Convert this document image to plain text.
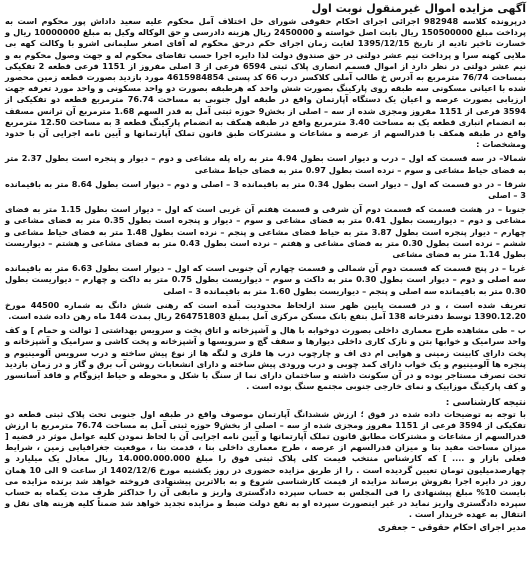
آگهی مزایده اموال غیرمنقول نوبت اول

درپرونده کلاسه 982948 اجرائی اجرای احکام حقوقی شورای حل اختلاف آمل محکوم علیه سعید داداش پور محکوم است به پرداخت مبلغ 150500000 ریال بابت اصل خواسته و 2450000 ریال هزینه دادرسی و حق الوکاله وکیل به مبلغ 10000000 ریال و خسارت تاخیر تادیه از تاریخ 1395/12/15 لغایت زمان اجرای حکم درحق محکوم له آقای اصغر سلیمانی اشرو با وکالت کهه بی ملایی کهنه سرا و پرداخت نیم عشر دولتی در حق صندوق دولت لذا دایره اجرا حسب تقاضای محکوم له و جهت وصول محکوم به و نیم عشر دولتی در نظر دارد از اموال قسمم انصاری پلاک ثبتی 6594 فرعی از 3 اصلی مفروز از 1151 فرعی قطعه 2 تفکیکی بمساحت 76/74 مترمربع به آدرس خ طالب آملی کلاکسر درب 66 کد پستی 4615984854 مورد بازدید بصورت قطعه زمین محصور شده با اعیانی مسکونی سه طبقه روی پارکینگ بصورت شش واحد که هرطبقه بصورت دو واحد مسکونی و واحد مورد تعرفه جهت ارزیابی بصورت عرصه و اعیان یک دستگاه آپارتمان واقع در طبقه اول جنوبی به مساحت 76.74 مترمربع قطعه دو تفکیکی از 3594 فرعی از 1151 مفروز ومجزی شده از سه – اصلی از بخش9 حوزه ثبتی آمل به قدر السهم 1.68 مترمربع آن ترانس مسقف به انضمام انباری قطعه یک به مساحت 3.40 مترمربع واقع در طبقه همکف به انضمام پارکینگ قطعه 3 به مساحت 12.50 مترمربع واقع در طبقه همکف با قدرالسهم از عرصه و مشاعات و مشترکات طبق قانون تملک آپارتمانها و آیین نامه اجرایی آن با حدود ومشخصات :

شمالا– در سه قسمت که اول – درب و دیوار است بطول 4.94 متر به راه پله مشاعی و دوم – دیوار و پنجره است بطول 2.37 متر به فضای حیاط مشاعی و سوم – نرده است بطول 0.97 متر به فضای حیاط مشاعی

شرقا – در دو قسمت که اول – دیوار است بطول 0.34 متر به باقیمانده 3 – اصلی و دوم – دیوار است بطول 8.64 متر به باقیمانده 3 – اصلی

جنوبا – در هشت قسمت که قسمت دوم آن شرقی و قسمت هفتم آن غربی است که اول – دیوار است بطول 1.15 متر به فضای مشاعی و دوم – دیواریست بطول 0.41 متر به فضای مشاعی و سوم – دیوار و پنجره است بطول 0.35 متر به فضای مشاعی و چهارم – دیوار پنجره است بطول 3.87 متر به حیاط فضای مشاعی و پنجم – نرده است بطول 1.48 متر به فضای حیاط مشاعی و ششم – نرده است بطول 0.30 متر به فضای مشاعی و هفتم – نرده است بطول 0.43 متر به فضای مشاعی و هشتم – دیواریست بطول 1.14 متر به فضای مشاعی

غربا – در پنج قسمت که قسمت دوم آن شمالی و قسمت چهارم آن جنوبی است که اول – دیوار است بطول 6.63 متر به باقیمانده سه اصلی و دوم – دیوار است بطول 0.30 متر به داکت و سوم – دیواریست بطول 0.75 متر به داکت و چهارم – دیواریست بطول 0.30 متر به باقیمانده سه اصلی و پنجم – دیواریست بطول 1.60 متر به باقیمانده 3 – اصلی

تعریف شده است ، و در قسمت پایین ظهر سند ازلحاظ محدودیت آمده است که رهنی شش دانگ به شماره 44500 مورخ 1390.12.20 توسط دفترخانه 138 آمل بنفع بانک مسکن مرکزی آمل بمبلغ 264751803 ریال بمدت 144 ماه رهن داده شده است.

ب – طی مشاهده طرح معماری داخلی بصورت دوخوابه با هال و آشپزخانه و اتاق پخت و سرویس بهداشتی [ توالت و حمام ] و کف واحد سرامیک و خوابها بتن و نازک کاری داخلی دیوارها و سقف گچ و سرویسها و آشپزخانه و پخت کاشی و سرامیک و آشپزخانه و پخت دارای کابینت زمینی و هوایی ام دی اف و چارچوب درب ها فلزی و لنگه ها از نوع پیش ساخته و درب سرویس آلومینیوم و پنجره ها آلومینیوم و یک خواب دارای کمد چوبی و درب ورودی پیش ساخته و دارای انشعابات روشن آب برق و گاز و در زمان بازدید تحت تصرف مستاجر بوده و در آن سکونت داشته و ساختمان دارای نما از سنگ با شکل و محوطه و حیاط ایزوگام و فاقد آسانسور و کف پارکینگ موزاییک و نمای خارجی جنوبی مجتمع سنگ بوده است .

نتیجه کارشناسی :

با توجه به توضیحات داده شده در فوق ؛ ارزش ششدانگ آپارتمان موصوف واقع در طبقه اول جنوبی تحت پلاک ثبتی قطعه دو تفکیکی از 3594 فرعی از 1151 مفروز ومجزی شده از سه – اصلی از بخش9 حوزه ثبتی آمل به مساحت 76.74 مترمربع با ارزش قدرالسهم از مشاعات و مشترکات مطابق قانون تملک آپارتمانها و آیین نامه اجرایی آن با لحاظ نمودن کلیه عوامل موثر در قضیه [ میزان مساحت مفید بنا و میزان قدرالسهم از عرصه ، طرح معماری داخلی بنا ، قدمت بنا ، موقعیت جغرافیایی زمین ، شرایط فعلی بازار و .... ] که کارشناس منتخب قیمت کلی پلاک ثبتی فوق را مبلغ 14.000.000.000 ریال معادل یک میلیارد و چهارصدمیلیون تومان تعیین گردیده است . را از طریق مزایده حضوری در روز یکشنبه مورخ 1402/12/6 از ساعت 9 الی 10 همان روز در دایره اجرا بفروش برساند مزایده از قیمت کارشناسی شروع و به بالاترین پیشنهادی فروخته خواهد شد برنده مزایده می بایست 10% مبلغ پیشنهادی را فی المجلس به حساب سپرده دادگستری واریز و مابقی آن را حداکثر ظرف مدت یکماه به حساب سپرده دادگستری واریز نماید در غیر اینصورت سپرده او به نفع دولت ضبط و مزایده تجدید خواهد شد ضمناً کلیه هزینه های نقل و انتقال به عهده خریدار است .

مدیر اجرای احکام حقوقی – جعفری
